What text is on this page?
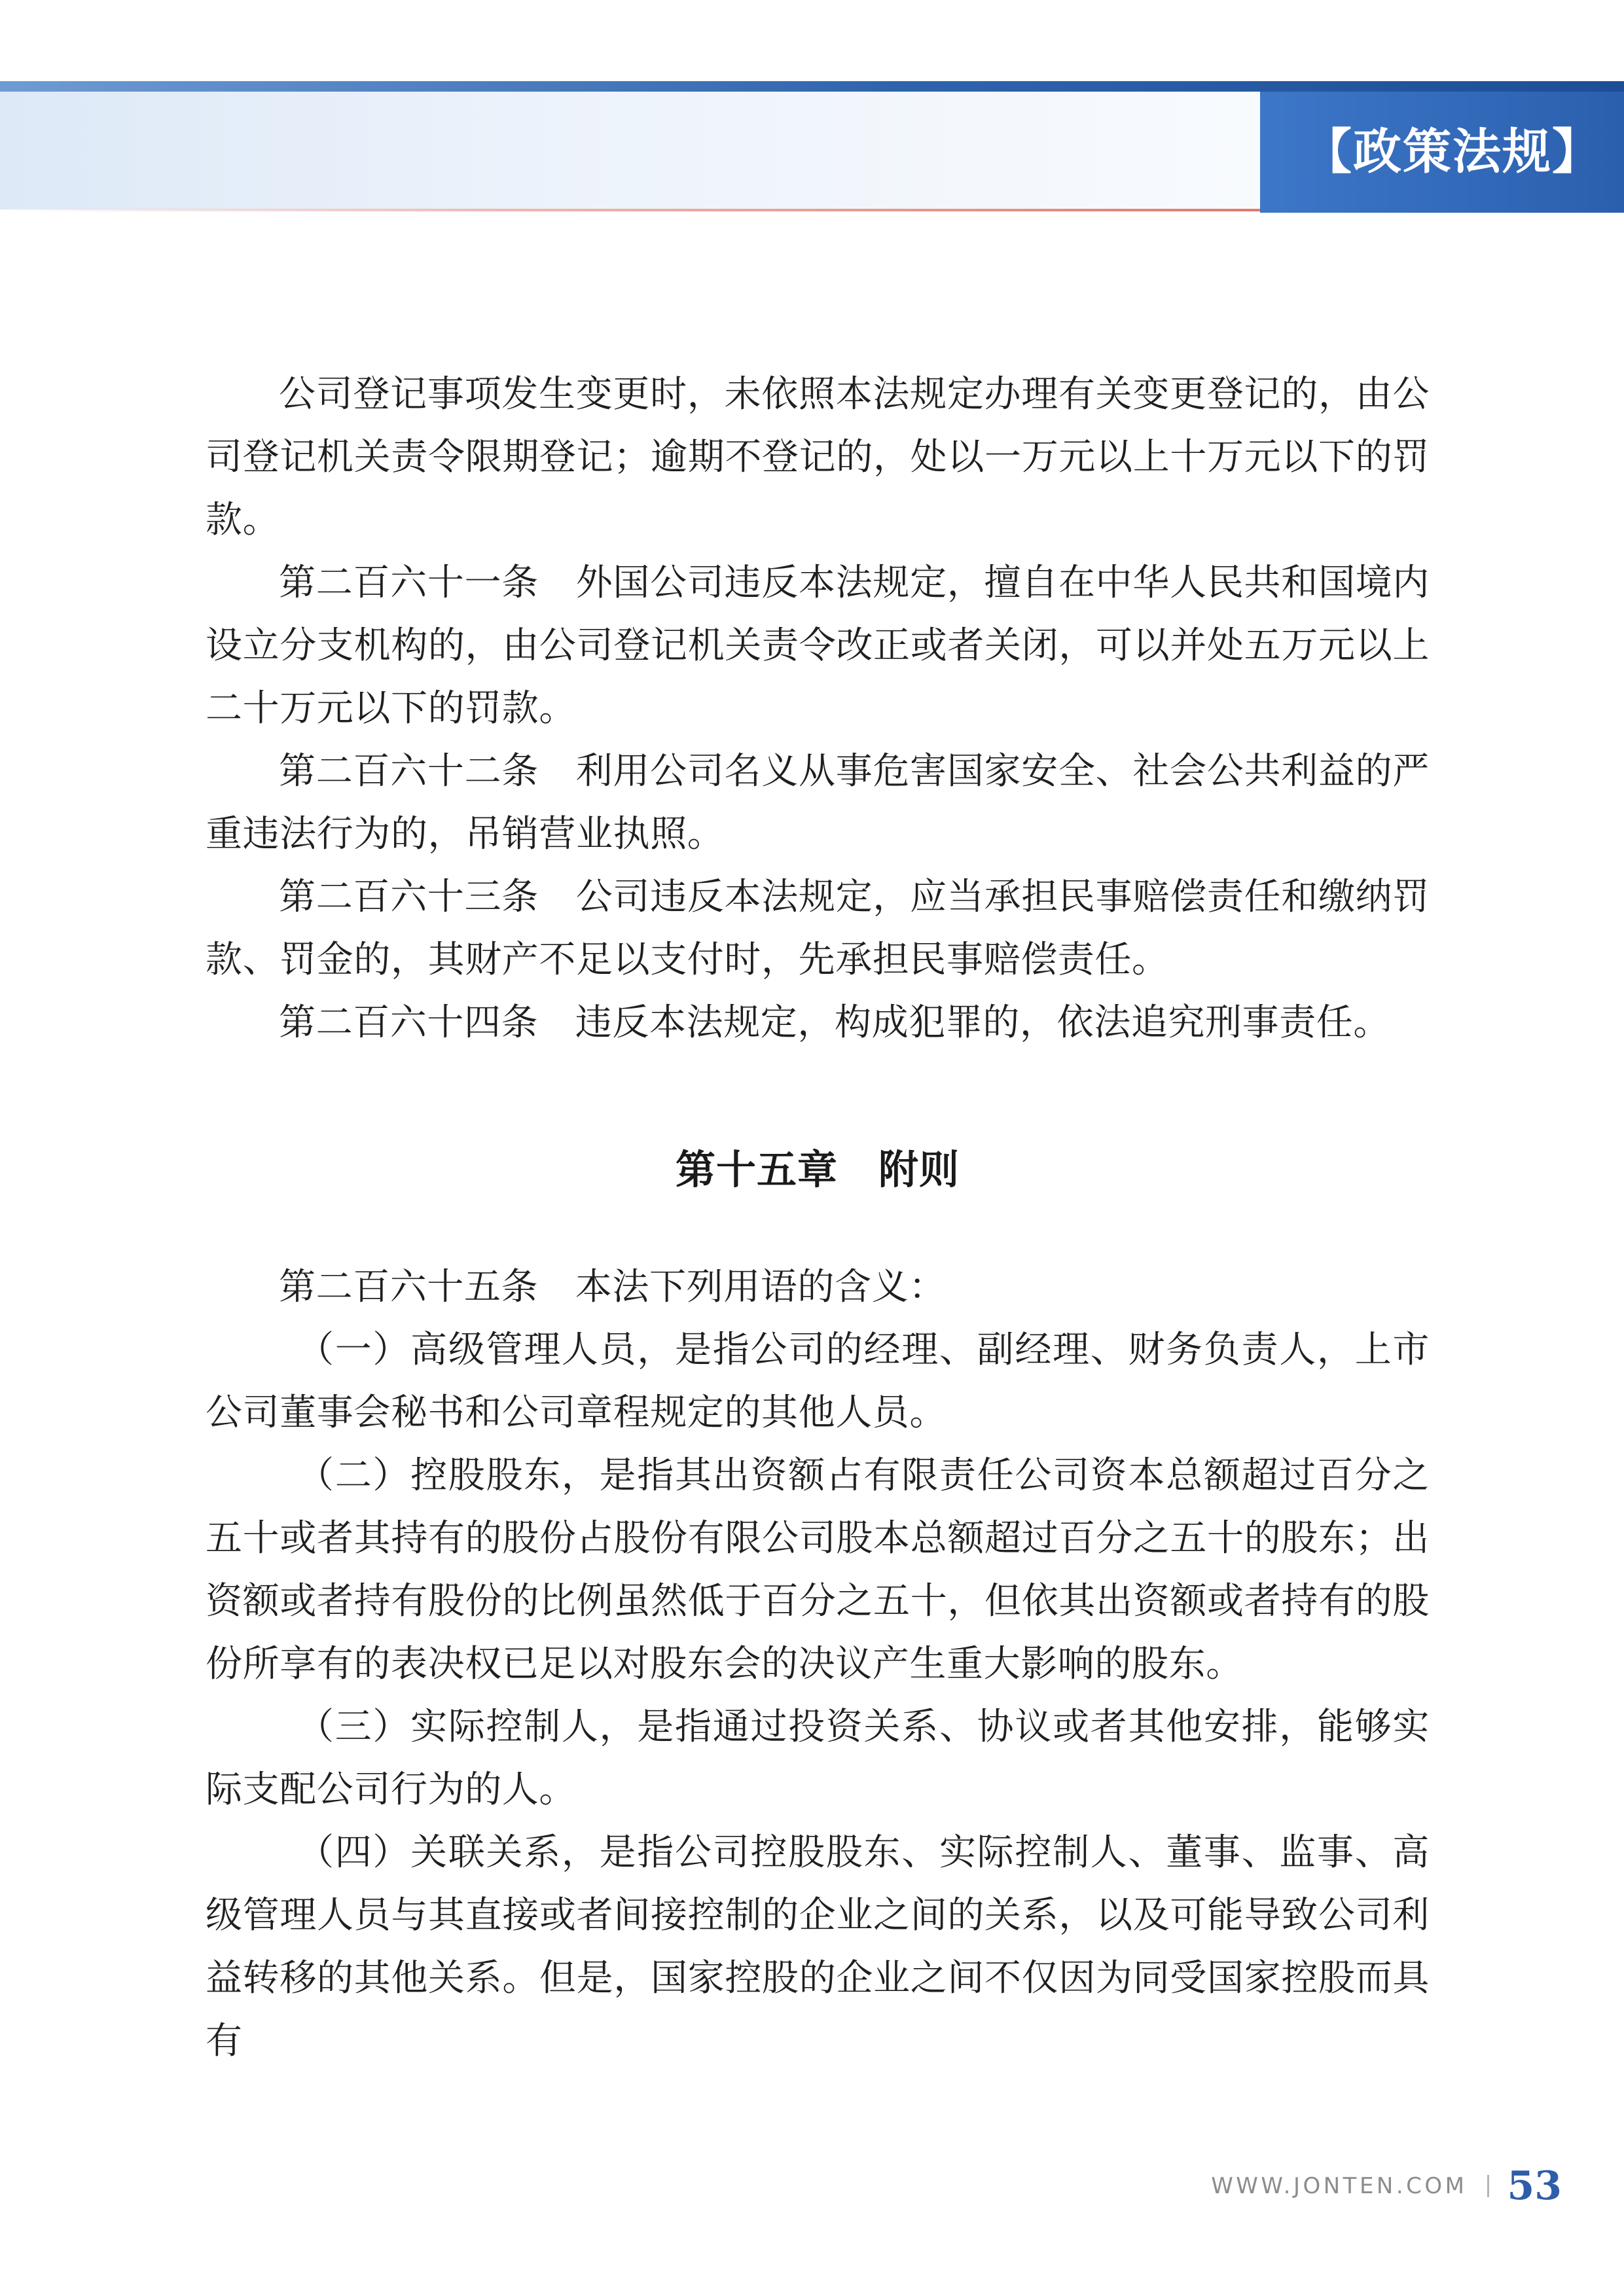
【政策法规】

公司登记事项发生变更时，未依照本法规定办理有关变更登记的，由公司登记机关责令限期登记；逾期不登记的，处以一万元以上十万元以下的罚款。

第二百六十一条　外国公司违反本法规定，擅自在中华人民共和国境内设立分支机构的，由公司登记机关责令改正或者关闭，可以并处五万元以上二十万元以下的罚款。

第二百六十二条　利用公司名义从事危害国家安全、社会公共利益的严重违法行为的，吊销营业执照。

第二百六十三条　公司违反本法规定，应当承担民事赔偿责任和缴纳罚款、罚金的，其财产不足以支付时，先承担民事赔偿责任。

第二百六十四条　违反本法规定，构成犯罪的，依法追究刑事责任。

第十五章　附则

第二百六十五条　本法下列用语的含义：

（一）高级管理人员，是指公司的经理、副经理、财务负责人，上市公司董事会秘书和公司章程规定的其他人员。

（二）控股股东，是指其出资额占有限责任公司资本总额超过百分之五十或者其持有的股份占股份有限公司股本总额超过百分之五十的股东；出资额或者持有股份的比例虽然低于百分之五十，但依其出资额或者持有的股份所享有的表决权已足以对股东会的决议产生重大影响的股东。

（三）实际控制人，是指通过投资关系、协议或者其他安排，能够实际支配公司行为的人。

（四）关联关系，是指公司控股股东、实际控制人、董事、监事、高级管理人员与其直接或者间接控制的企业之间的关系，以及可能导致公司利益转移的其他关系。但是，国家控股的企业之间不仅因为同受国家控股而具有

WWW.JONTEN.COM 53
